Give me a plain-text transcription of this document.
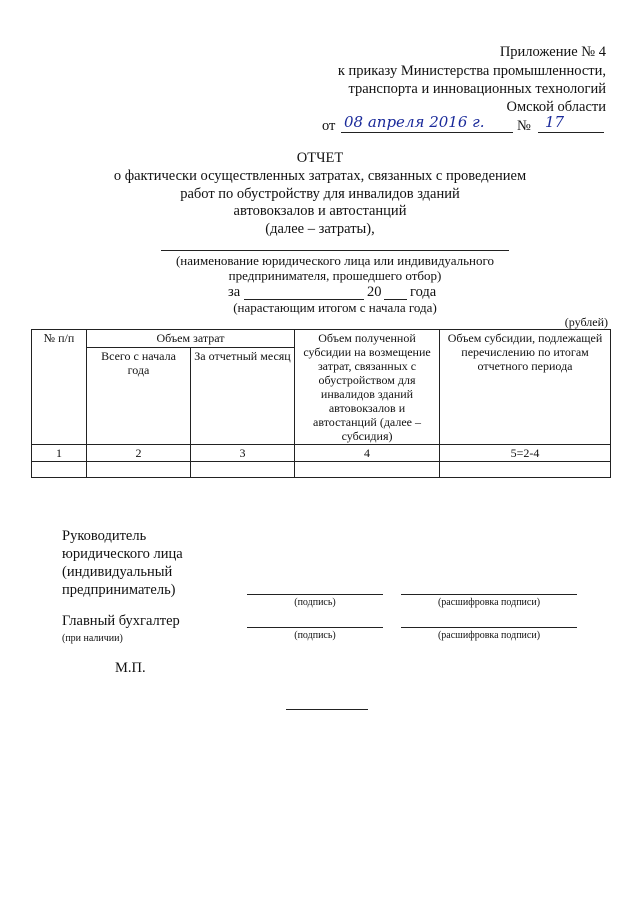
Приложение № 4
к приказу Министерства промышленности,
транспорта и инновационных технологий
Омской области
от 08 апреля 2016 г. № 17
ОТЧЕТ
о фактически осуществленных затратах, связанных с проведением
работ по обустройству для инвалидов зданий
автовокзалов и автостанций
(далее – затраты),
(наименование юридического лица или индивидуального
предпринимателя, прошедшего отбор)
за	20 года
(нарастающим итогом с начала года)
(рублей)
№ п/п	Объем затрат		Объем полученной субсидии на возмещение затрат, связанных с обустройством для инвалидов зданий автовокзалов и автостанций (далее – субсидия)	Объем субсидии, подлежащей перечислению по итогам отчетного периода
	Всего с начала года	За отчетный месяц		
1	2	3	4	5=2-4

Руководитель
юридического лица
(индивидуальный
предприниматель)
(подпись)	(расшифровка подписи)
Главный бухгалтер
(при наличии)	(подпись)	(расшифровка подписи)
М.П.
